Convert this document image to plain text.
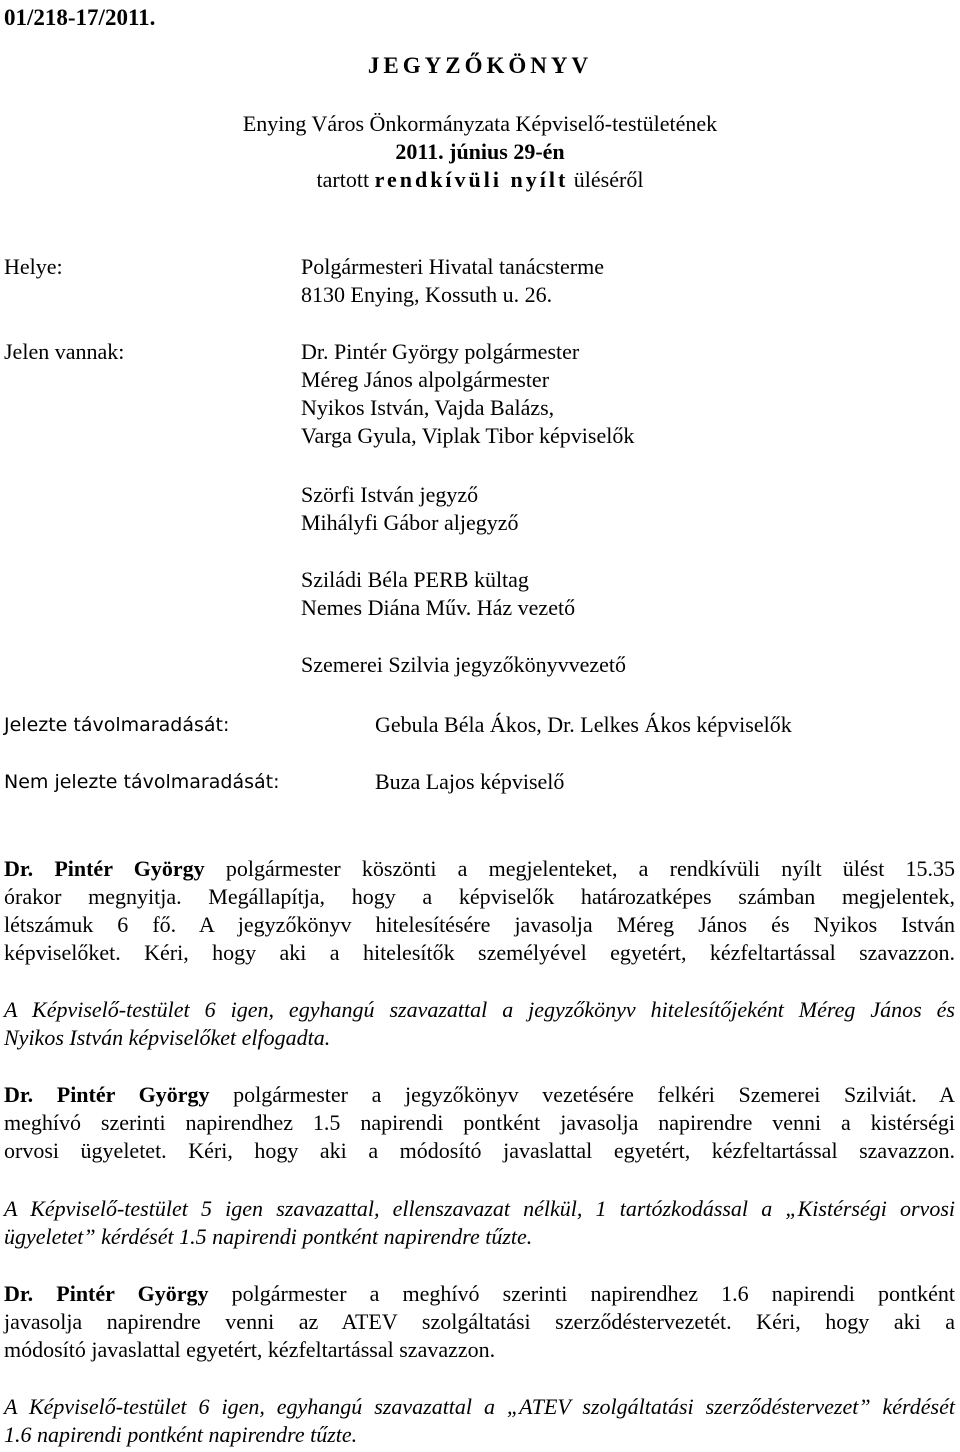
01/218-17/2011.
JEGYZŐKÖNYV
Enying Város Önkormányzata Képviselő-testületének
2011. június 29-én
tartott rendkívüli nyílt üléséről
Helye:	Polgármesteri Hivatal tanácsterme
8130 Enying, Kossuth u. 26.
Jelen vannak:	Dr. Pintér György polgármester
Méreg János alpolgármester
Nyikos István, Vajda Balázs,
Varga Gyula, Viplak Tibor képviselők
Szörfi István jegyző
Mihályfi Gábor aljegyző
Sziládi Béla PERB kültag
Nemes Diána Műv. Ház vezető
Szemerei Szilvia jegyzőkönyvvezető
Jelezte távolmaradását:	Gebula Béla Ákos, Dr. Lelkes Ákos képviselők
Nem jelezte távolmaradását:	Buza Lajos képviselő
Dr. Pintér György polgármester köszönti a megjelenteket, a rendkívüli nyílt ülést 15.35
órakor megnyitja. Megállapítja, hogy a képviselők határozatképes számban megjelentek,
létszámuk 6 fő. A jegyzőkönyv hitelesítésére javasolja Méreg János és Nyikos István
képviselőket. Kéri, hogy aki a hitelesítők személyével egyetért, kézfeltartással szavazzon.
A Képviselő-testület 6 igen, egyhangú szavazattal a jegyzőkönyv hitelesítőjeként Méreg János és
Nyikos István képviselőket elfogadta.
Dr. Pintér György polgármester a jegyzőkönyv vezetésére felkéri Szemerei Szilviát. A
meghívó szerinti napirendhez 1.5 napirendi pontként javasolja napirendre venni a kistérségi
orvosi ügyeletet. Kéri, hogy aki a módosító javaslattal egyetért, kézfeltartással szavazzon.
A Képviselő-testület 5 igen szavazattal, ellenszavazat nélkül, 1 tartózkodással a „Kistérségi orvosi
ügyeletet” kérdését 1.5 napirendi pontként napirendre tűzte.
Dr. Pintér György polgármester a meghívó szerinti napirendhez 1.6 napirendi pontként
javasolja napirendre venni az ATEV szolgáltatási szerződéstervezetét. Kéri, hogy aki a
módosító javaslattal egyetért, kézfeltartással szavazzon.
A Képviselő-testület 6 igen, egyhangú szavazattal a „ATEV szolgáltatási szerződéstervezet” kérdését
1.6 napirendi pontként napirendre tűzte.
